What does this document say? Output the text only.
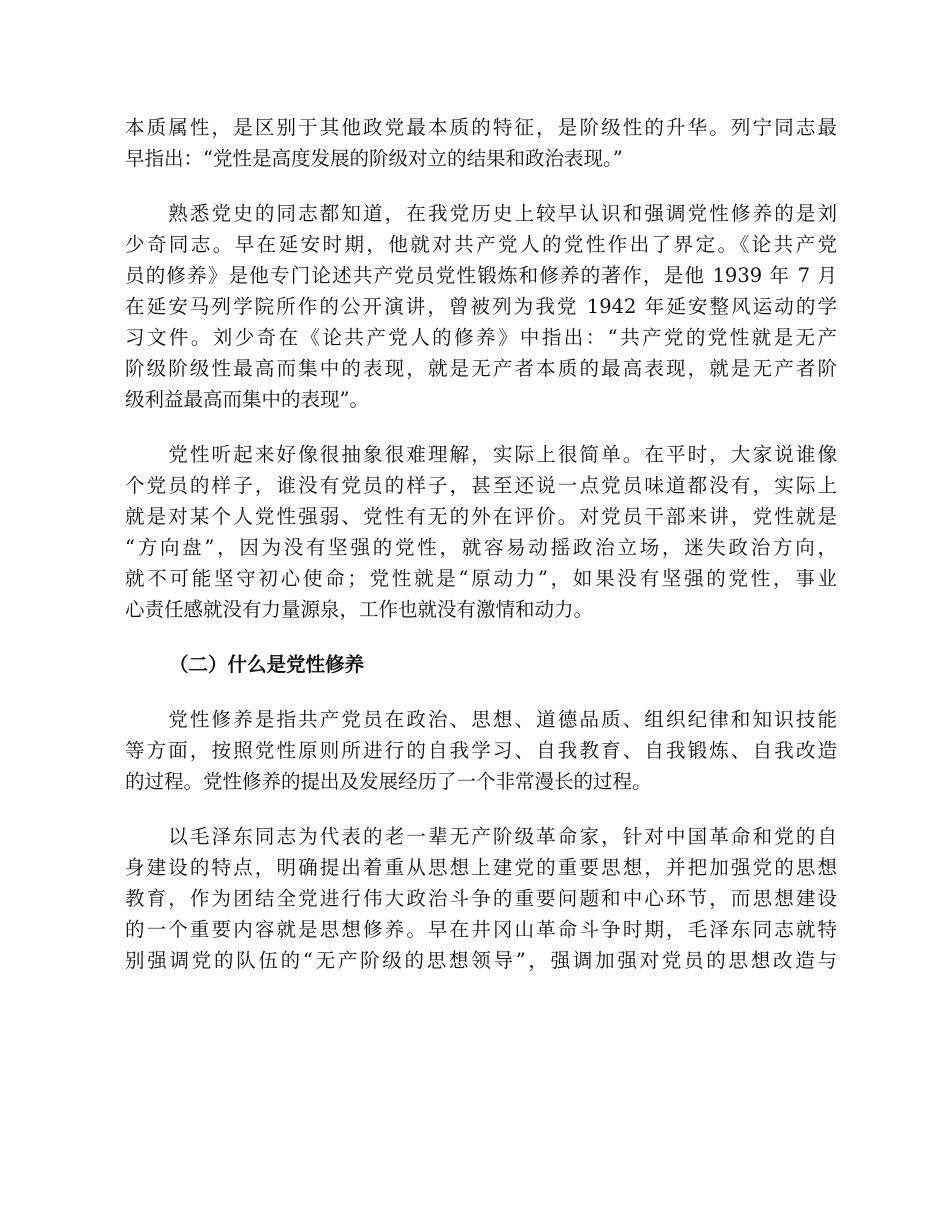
本质属性，是区别于其他政党最本质的特征，是阶级性的升华。列宁同志最
早指出：“党性是高度发展的阶级对立的结果和政治表现。”
　　熟悉党史的同志都知道，在我党历史上较早认识和强调党性修养的是刘
少奇同志。早在延安时期，他就对共产党人的党性作出了界定。《论共产党
员的修养》是他专门论述共产党员党性锻炼和修养的著作，是他 1939 年 7 月
在延安马列学院所作的公开演讲，曾被列为我党 1942 年延安整风运动的学
习文件。刘少奇在《论共产党人的修养》中指出：“共产党的党性就是无产
阶级阶级性最高而集中的表现，就是无产者本质的最高表现，就是无产者阶
级利益最高而集中的表现”。
　　党性听起来好像很抽象很难理解，实际上很简单。在平时，大家说谁像
个党员的样子，谁没有党员的样子，甚至还说一点党员味道都没有，实际上
就是对某个人党性强弱、党性有无的外在评价。对党员干部来讲，党性就是
“方向盘”，因为没有坚强的党性，就容易动摇政治立场，迷失政治方向，
就不可能坚守初心使命；党性就是“原动力”，如果没有坚强的党性，事业
心责任感就没有力量源泉，工作也就没有激情和动力。
（二）什么是党性修养
　　党性修养是指共产党员在政治、思想、道德品质、组织纪律和知识技能
等方面，按照党性原则所进行的自我学习、自我教育、自我锻炼、自我改造
的过程。党性修养的提出及发展经历了一个非常漫长的过程。
　　以毛泽东同志为代表的老一辈无产阶级革命家，针对中国革命和党的自
身建设的特点，明确提出着重从思想上建党的重要思想，并把加强党的思想
教育，作为团结全党进行伟大政治斗争的重要问题和中心环节，而思想建设
的一个重要内容就是思想修养。早在井冈山革命斗争时期，毛泽东同志就特
别强调党的队伍的“无产阶级的思想领导”，强调加强对党员的思想改造与
